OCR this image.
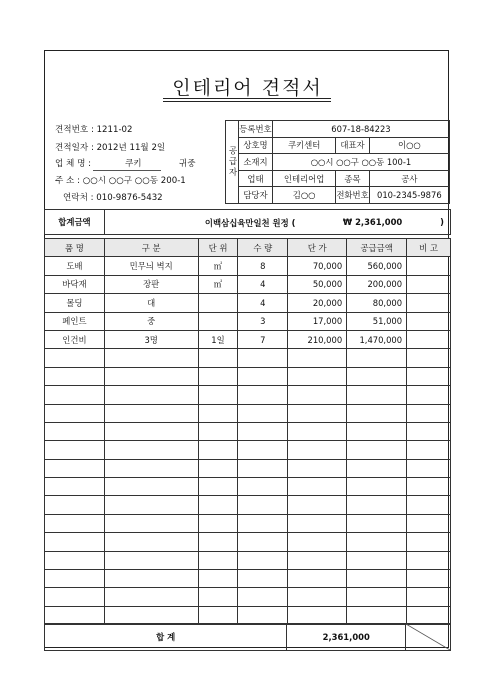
인테리어 견적서
견적번호 : 1211-02
견적일자 : 2012년 11월 2일
업 체 명 :	쿠키	귀중
주 소 : ○○시 ○○구 ○○동 200-1
연락처 : 010-9876-5432
공급자	등록번호	607-18-84223		
	상호명	쿠키센터	대표자	이○○
	소재지	○○시 ○○구 ○○동 100-1		
	업태	인테리어업	종목	공사
	담당자	김○○	전화번호	010-2345-9876
합계금액	이백삼십육만일천 원정 (	₩ 2,361,000	)
품 명	구 분	단 위	수 량	단 가	공급금액	비 고
도배	민무늬 벽지	㎡	8	70,000	560,000	
바닥재	장판	㎡	4	50,000	200,000	
몰딩	대		4	20,000	80,000	
페인트	중		3	17,000	51,000	
인건비	3명	1일	7	210,000	1,470,000	

합 계	2,361,000	
